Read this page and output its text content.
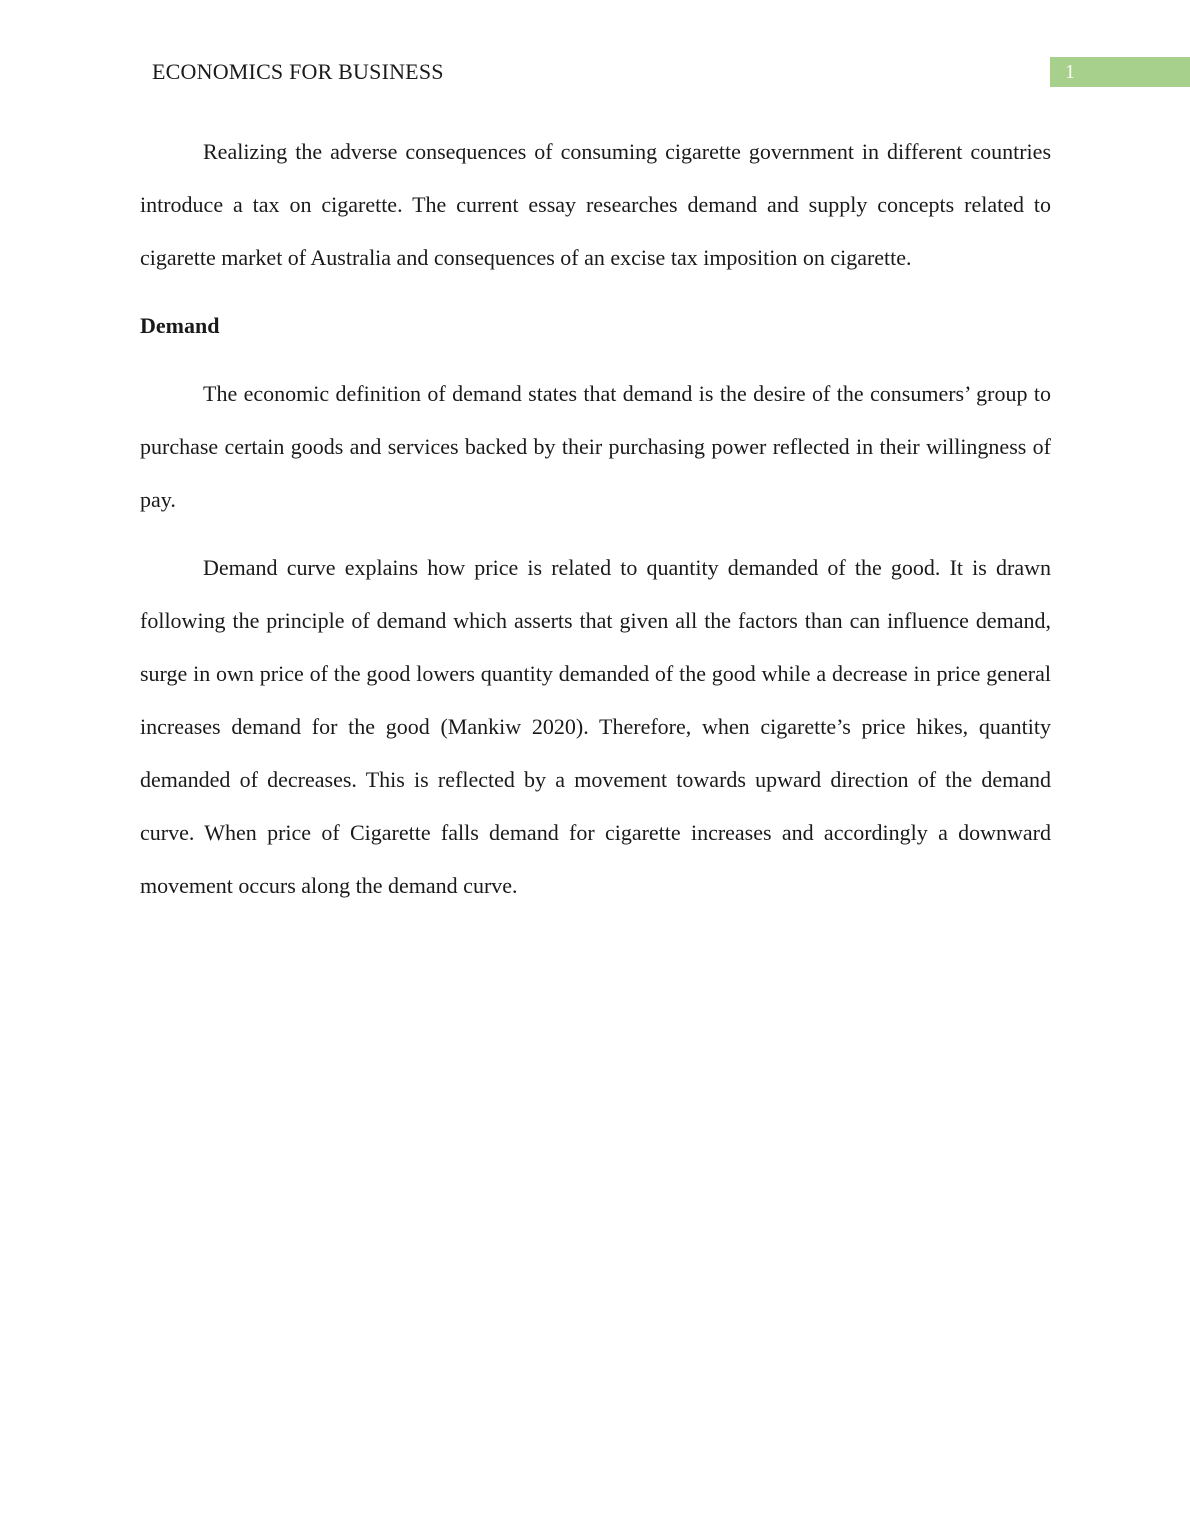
ECONOMICS FOR BUSINESS	1

Realizing the adverse consequences of consuming cigarette government in different countries introduce a tax on cigarette. The current essay researches demand and supply concepts related to cigarette market of Australia and consequences of an excise tax imposition on cigarette.

Demand

The economic definition of demand states that demand is the desire of the consumers’ group to purchase certain goods and services backed by their purchasing power reflected in their willingness of pay.

Demand curve explains how price is related to quantity demanded of the good. It is drawn following the principle of demand which asserts that given all the factors than can influence demand, surge in own price of the good lowers quantity demanded of the good while a decrease in price general increases demand for the good (Mankiw 2020). Therefore, when cigarette’s price hikes, quantity demanded of decreases. This is reflected by a movement towards upward direction of the demand curve. When price of Cigarette falls demand for cigarette increases and accordingly a downward movement occurs along the demand curve.
